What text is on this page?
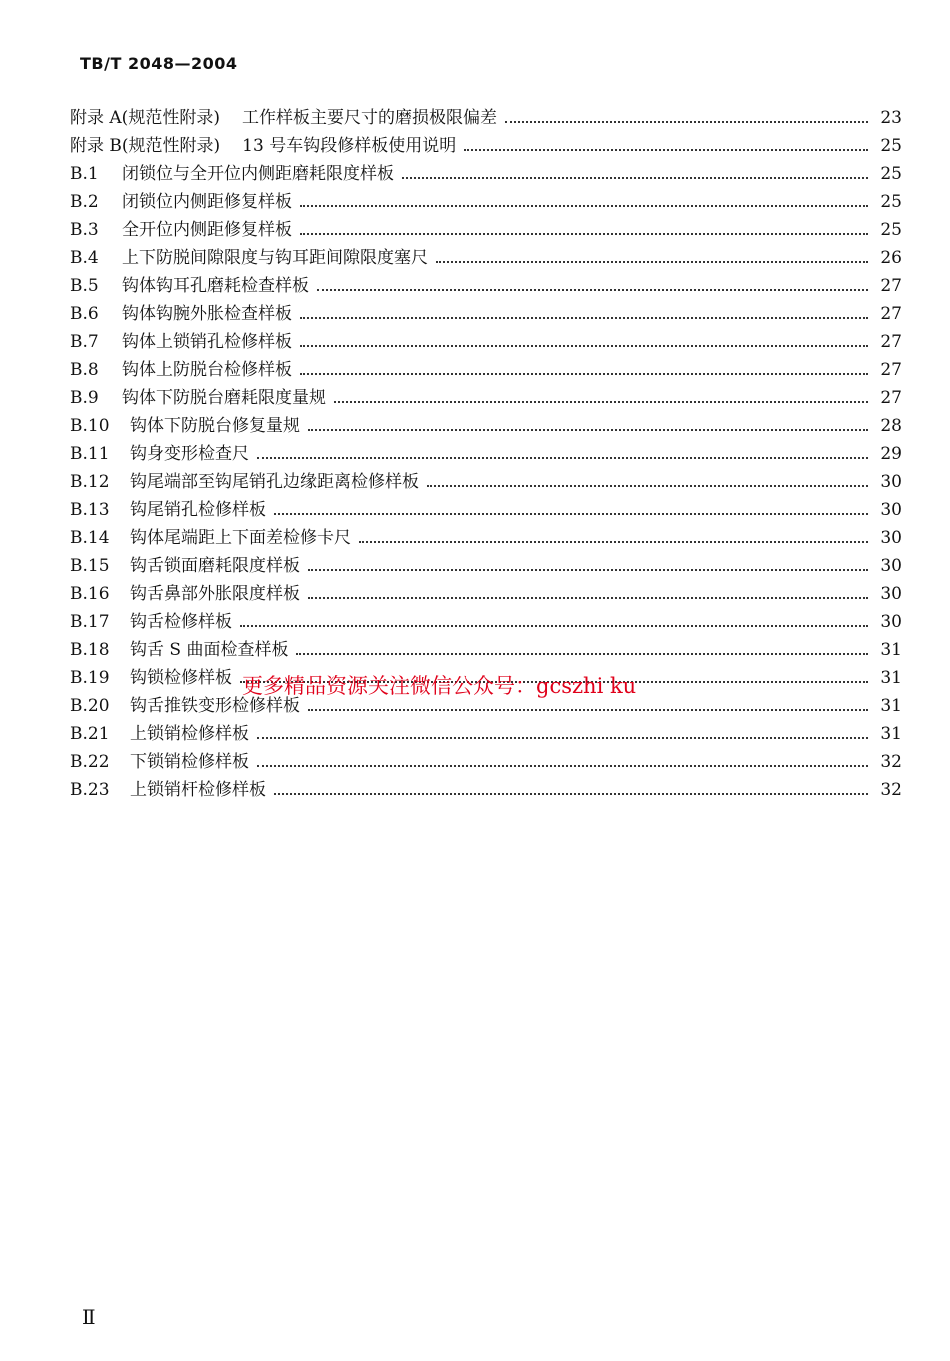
TB/T 2048—2004
附录 A(规范性附录) 工作样板主要尺寸的磨损极限偏差	23
附录 B(规范性附录) 13 号车钩段修样板使用说明	25
B.1	闭锁位与全开位内侧距磨耗限度样板	25
B.2	闭锁位内侧距修复样板	25
B.3	全开位内侧距修复样板	25
B.4	上下防脱间隙限度与钩耳距间隙限度塞尺	26
B.5	钩体钩耳孔磨耗检查样板	27
B.6	钩体钩腕外胀检查样板	27
B.7	钩体上锁销孔检修样板	27
B.8	钩体上防脱台检修样板	27
B.9	钩体下防脱台磨耗限度量规	27
B.10	钩体下防脱台修复量规	28
B.11	钩身变形检查尺	29
B.12	钩尾端部至钩尾销孔边缘距离检修样板	30
B.13	钩尾销孔检修样板	30
B.14	钩体尾端距上下面差检修卡尺	30
B.15	钩舌锁面磨耗限度样板	30
B.16	钩舌鼻部外胀限度样板	30
B.17	钩舌检修样板	30
B.18	钩舌 S 曲面检查样板	31
B.19	钩锁检修样板	31
B.20	钩舌推铁变形检修样板	31
B.21	上锁销检修样板	31
B.22	下锁销检修样板	32
B.23	上锁销杆检修样板	32
更多精品资源关注微信公众号：gcszhi ku
Ⅱ
